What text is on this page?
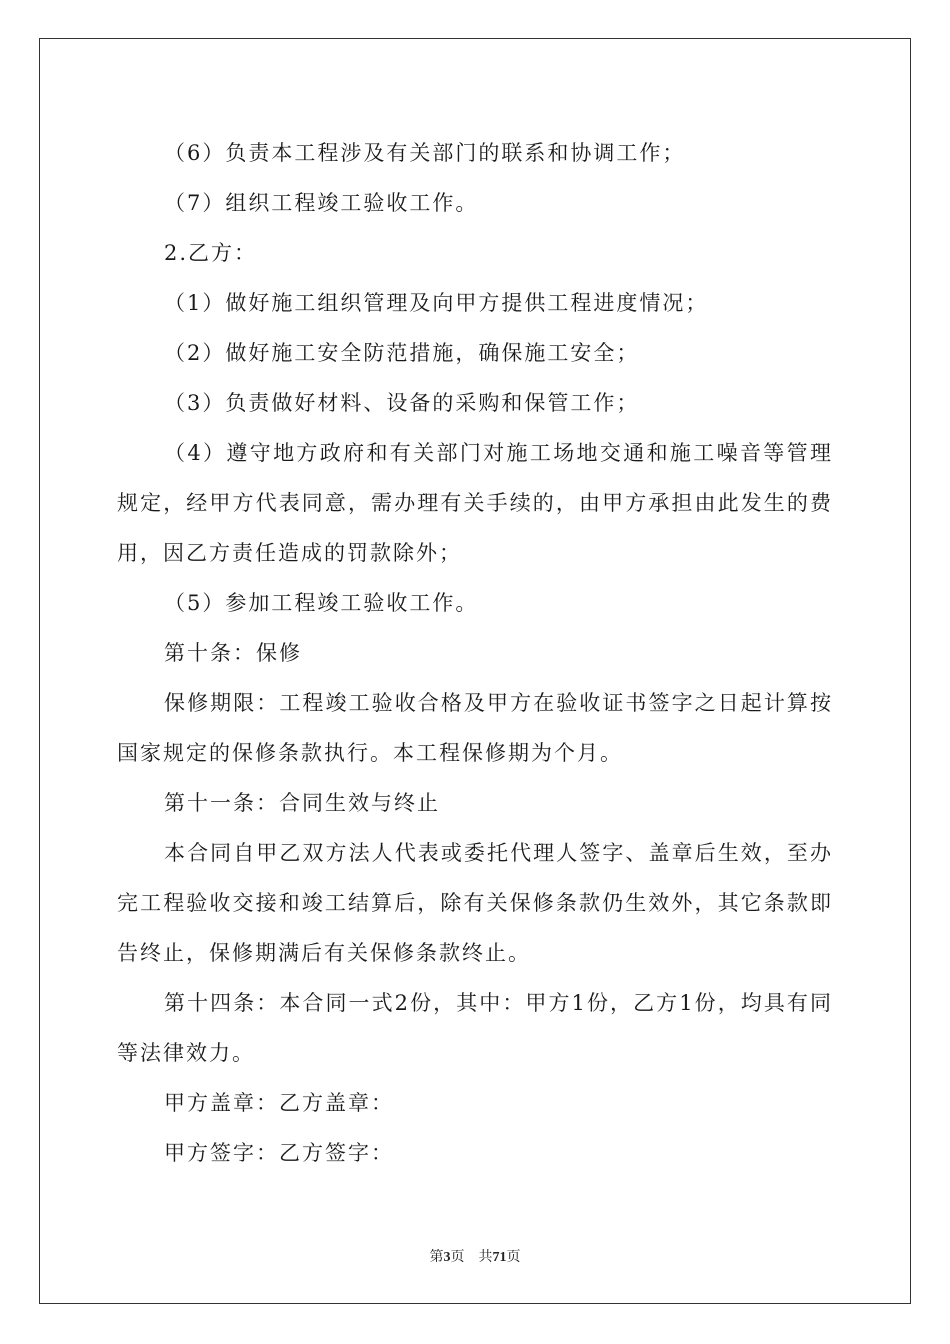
（6）负责本工程涉及有关部门的联系和协调工作；

（7）组织工程竣工验收工作。

2.乙方：

（1）做好施工组织管理及向甲方提供工程进度情况；

（2）做好施工安全防范措施，确保施工安全；

（3）负责做好材料、设备的采购和保管工作；

（4）遵守地方政府和有关部门对施工场地交通和施工噪音等管理规定，经甲方代表同意，需办理有关手续的，由甲方承担由此发生的费用，因乙方责任造成的罚款除外；

（5）参加工程竣工验收工作。

第十条：保修

保修期限：工程竣工验收合格及甲方在验收证书签字之日起计算按国家规定的保修条款执行。本工程保修期为个月。

第十一条：合同生效与终止

本合同自甲乙双方法人代表或委托代理人签字、盖章后生效，至办完工程验收交接和竣工结算后，除有关保修条款仍生效外，其它条款即告终止，保修期满后有关保修条款终止。

第十四条：本合同一式2份，其中：甲方1份，乙方1份，均具有同等法律效力。

甲方盖章：乙方盖章：

甲方签字：乙方签字：

第3页 共71页
